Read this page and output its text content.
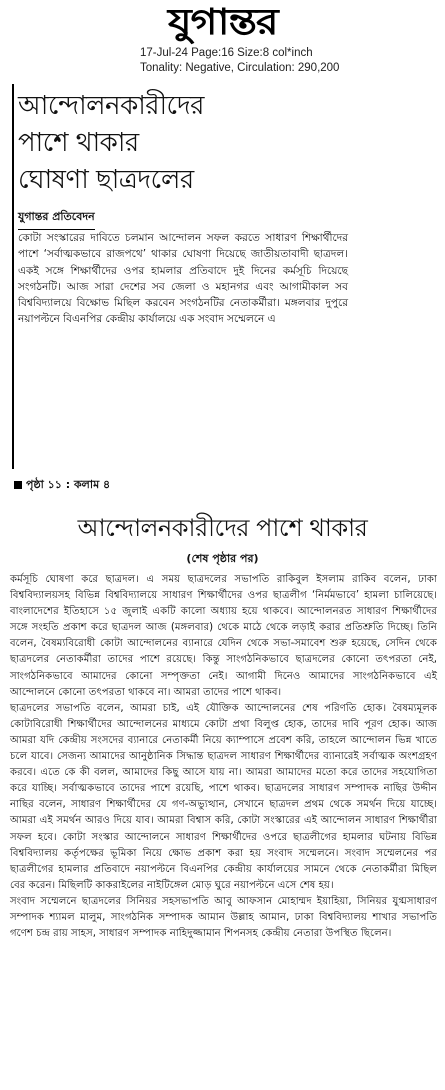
যুগান্তর
17-Jul-24 Page:16 Size:8 col*inch
Tonality: Negative, Circulation: 290,200
আন্দোলনকারীদের
পাশে থাকার
ঘোষণা ছাত্রদলের
যুগান্তর প্রতিবেদন
কোটা সংস্কারের দাবিতে চলমান আন্দোলন সফল করতে সাধারণ শিক্ষার্থীদের পাশে ‘সর্বাত্মকভাবে রাজপথে’ থাকার ঘোষণা দিয়েছে জাতীয়তাবাদী ছাত্রদল। একই সঙ্গে শিক্ষার্থীদের ওপর হামলার প্রতিবাদে দুই দিনের কর্মসূচি দিয়েছে সংগঠনটি। আজ সারা দেশের সব জেলা ও মহানগর এবং আগামীকাল সব বিশ্ববিদ্যালয়ে বিক্ষোভ মিছিল করবেন সংগঠনটির নেতাকর্মীরা। মঙ্গলবার দুপুরে নয়াপল্টনে বিএনপির কেন্দ্রীয় কার্যালয়ে এক সংবাদ সম্মেলনে এ
পৃষ্ঠা ১১ : কলাম ৪
আন্দোলনকারীদের পাশে থাকার
(শেষ পৃষ্ঠার পর)

কর্মসূচি ঘোষণা করে ছাত্রদল। এ সময় ছাত্রদলের সভাপতি রাকিবুল ইসলাম রাকিব বলেন, ঢাকা বিশ্ববিদ্যালয়সহ বিভিন্ন বিশ্ববিদ্যালয়ে সাধারণ শিক্ষার্থীদের ওপর ছাত্রলীগ ‘নির্মমভাবে’ হামলা চালিয়েছে। বাংলাদেশের ইতিহাসে ১৫ জুলাই একটি কালো অধ্যায় হয়ে থাকবে। আন্দোলনরত সাধারণ শিক্ষার্থীদের সঙ্গে সংহতি প্রকাশ করে ছাত্রদল আজ (মঙ্গলবার) থেকে মাঠে থেকে লড়াই করার প্রতিশ্রুতি দিচ্ছে। তিনি বলেন, বৈষম্যবিরোধী কোটা আন্দোলনের ব্যানারে যেদিন থেকে সভা-সমাবেশ শুরু হয়েছে, সেদিন থেকে ছাত্রদলের নেতাকর্মীরা তাদের পাশে রয়েছে। কিন্তু সাংগঠনিকভাবে ছাত্রদলের কোনো তৎপরতা নেই, সাংগঠনিকভাবে আমাদের কোনো সম্পৃক্ততা নেই। আগামী দিনেও আমাদের সাংগঠনিকভাবে এই আন্দোলনে কোনো তৎপরতা থাকবে না। আমরা তাদের পাশে থাকব।

ছাত্রদলের সভাপতি বলেন, আমরা চাই, এই যৌক্তিক আন্দোলনের শেষ পরিণতি হোক। বৈষম্যমূলক কোটাবিরোধী শিক্ষার্থীদের আন্দোলনের মাধ্যমে কোটা প্রথা বিলুপ্ত হোক, তাদের দাবি পূরণ হোক। আজ আমরা যদি কেন্দ্রীয় সংসদের ব্যানারে নেতাকর্মী নিয়ে ক্যাম্পাসে প্রবেশ করি, তাহলে আন্দোলন ভিন্ন খাতে চলে যাবে। সেজন্য আমাদের আনুষ্ঠানিক সিদ্ধান্ত ছাত্রদল সাধারণ শিক্ষার্থীদের ব্যানারেই সর্বাত্মক অংশগ্রহণ করবে। এতে কে কী বলল, আমাদের কিছু আসে যায় না। আমরা আমাদের মতো করে তাদের সহযোগিতা করে যাচ্ছি। সর্বাত্মকভাবে তাদের পাশে রয়েছি, পাশে থাকব। ছাত্রদলের সাধারণ সম্পাদক নাছির উদ্দীন নাছির বলেন, সাধারণ শিক্ষার্থীদের যে গণ-অভ্যুত্থান, সেখানে ছাত্রদল প্রথম থেকে সমর্থন দিয়ে যাচ্ছে। আমরা এই সমর্থন আরও দিয়ে যাব। আমরা বিশ্বাস করি, কোটা সংস্কারের এই আন্দোলন সাধারণ শিক্ষার্থীরা সফল হবে। কোটা সংস্কার আন্দোলনে সাধারণ শিক্ষার্থীদের ওপরে ছাত্রলীগের হামলার ঘটনায় বিভিন্ন বিশ্ববিদ্যালয় কর্তৃপক্ষের ভূমিকা নিয়ে ক্ষোভ প্রকাশ করা হয় সংবাদ সম্মেলনে। সংবাদ সম্মেলনের পর ছাত্রলীগের হামলার প্রতিবাদে নয়াপল্টনে বিএনপির কেন্দ্রীয় কার্যালয়ের সামনে থেকে নেতাকর্মীরা মিছিল বের করেন। মিছিলটি কাকরাইলের নাইটিঙ্গেল মোড় ঘুরে নয়াপল্টনে এসে শেষ হয়।

সংবাদ সম্মেলনে ছাত্রদলের সিনিয়র সহসভাপতি আবু আফসান মোহাম্মদ ইয়াহিয়া, সিনিয়র যুগ্মসাধারণ সম্পাদক শ্যামল মালুম, সাংগঠনিক সম্পাদক আমান উল্লাহ আমান, ঢাকা বিশ্ববিদ্যালয় শাখার সভাপতি গণেশ চন্দ্র রায় সাহস, সাধারণ সম্পাদক নাহিদুজ্জামান শিপনসহ কেন্দ্রীয় নেতারা উপস্থিত ছিলেন।
